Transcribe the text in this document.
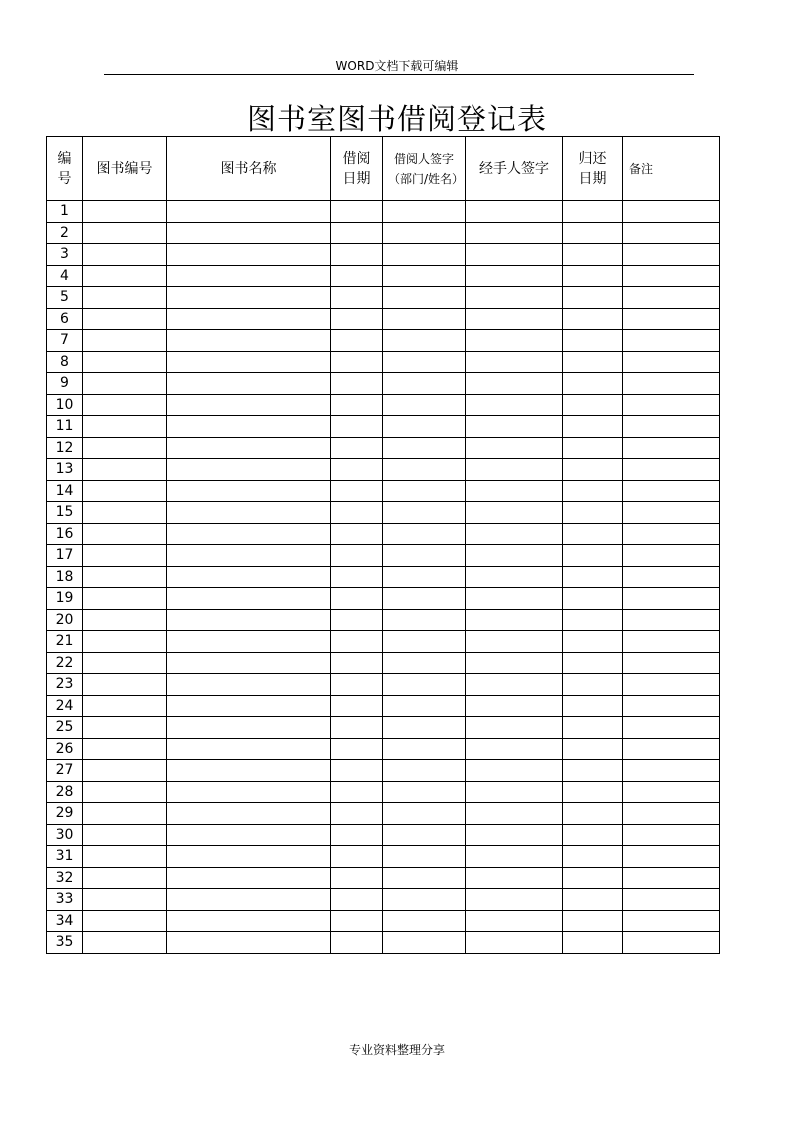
WORD文档下载可编辑
图书室图书借阅登记表
编号	图书编号	图书名称	借阅日期	借阅人签字（部门/姓名）	经手人签字	归还日期	备注
1							
2							
3							
4							
5							
6							
7							
8							
9							
10							
11							
12							
13							
14							
15							
16							
17							
18							
19							
20							
21							
22							
23							
24							
25							
26							
27							
28							
29							
30							
31							
32							
33							
34							
35							
专业资料整理分享
